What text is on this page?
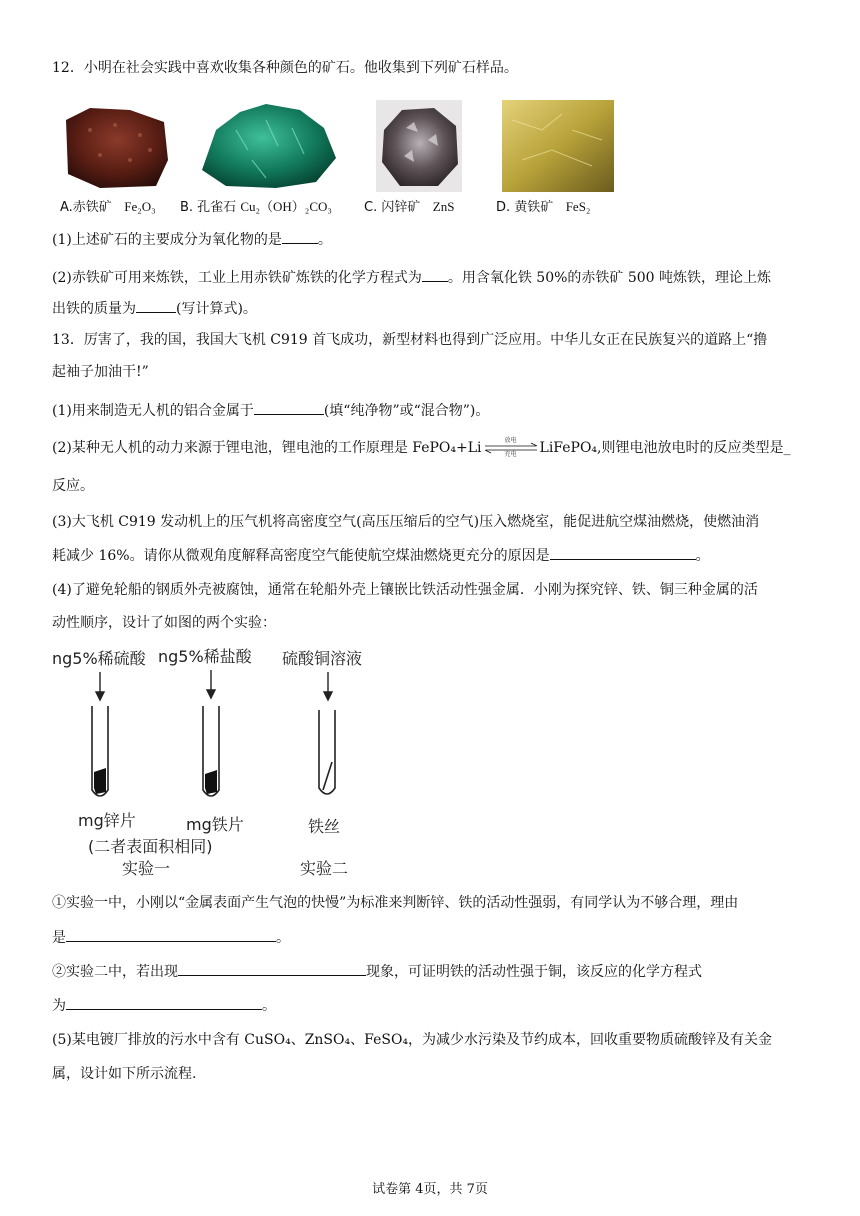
12．小明在社会实践中喜欢收集各种颜色的矿石。他收集到下列矿石样品。
A.赤铁矿 Fe₂O₃ B. 孔雀石 Cu₂（OH）₂CO₃ C. 闪锌矿 ZnS	D. 黄铁矿 FeS₂
(1)上述矿石的主要成分为氧化物的是	。
(2)赤铁矿可用来炼铁，工业上用赤铁矿炼铁的化学方程式为 。用含氧化铁 50%的赤铁矿 500 吨炼铁，理论上炼
出铁的质量为	(写计算式)。
13．厉害了，我的国，我国大飞机 C919 首飞成功，新型材料也得到广泛应用。中华儿女正在民族复兴的道路上“撸
起袖子加油干!”
(1)用来制造无人机的铝合金属于	(填“纯净物”或“混合物”)。
(2)某种无人机的动力来源于锂电池，锂电池的工作原理是 FePO₄+Li	放电
充电	LiFePO₄,则锂电池放电时的反应类型是_
反应。
(3)大飞机 C919 发动机上的压气机将高密度空气(高压压缩后的空气)压入燃烧室，能促进航空煤油燃烧，使燃油消
耗减少 16%。请你从微观角度解释高密度空气能使航空煤油燃烧更充分的原因是	。
(4)了避免轮船的钢质外壳被腐蚀，通常在轮船外壳上镶嵌比铁活动性强金属．小刚为探究锌、铁、铜三种金属的活
动性顺序，设计了如图的两个实验：
ng5%稀硫酸 ng5%稀盐酸 硫酸铜溶液
mg锌片	mg铁片	铁丝
(二者表面积相同)
实验一	实验二
①实验一中，小刚以“金属表面产生气泡的快慢”为标准来判断锌、铁的活动性强弱，有同学认为不够合理，理由
是	。
②实验二中，若出现	现象，可证明铁的活动性强于铜，该反应的化学方程式
为	。
(5)某电镀厂排放的污水中含有 CuSO₄、ZnSO₄、FeSO₄，为减少水污染及节约成本，回收重要物质硫酸锌及有关金
属，设计如下所示流程.
试卷第 4页，共 7页
